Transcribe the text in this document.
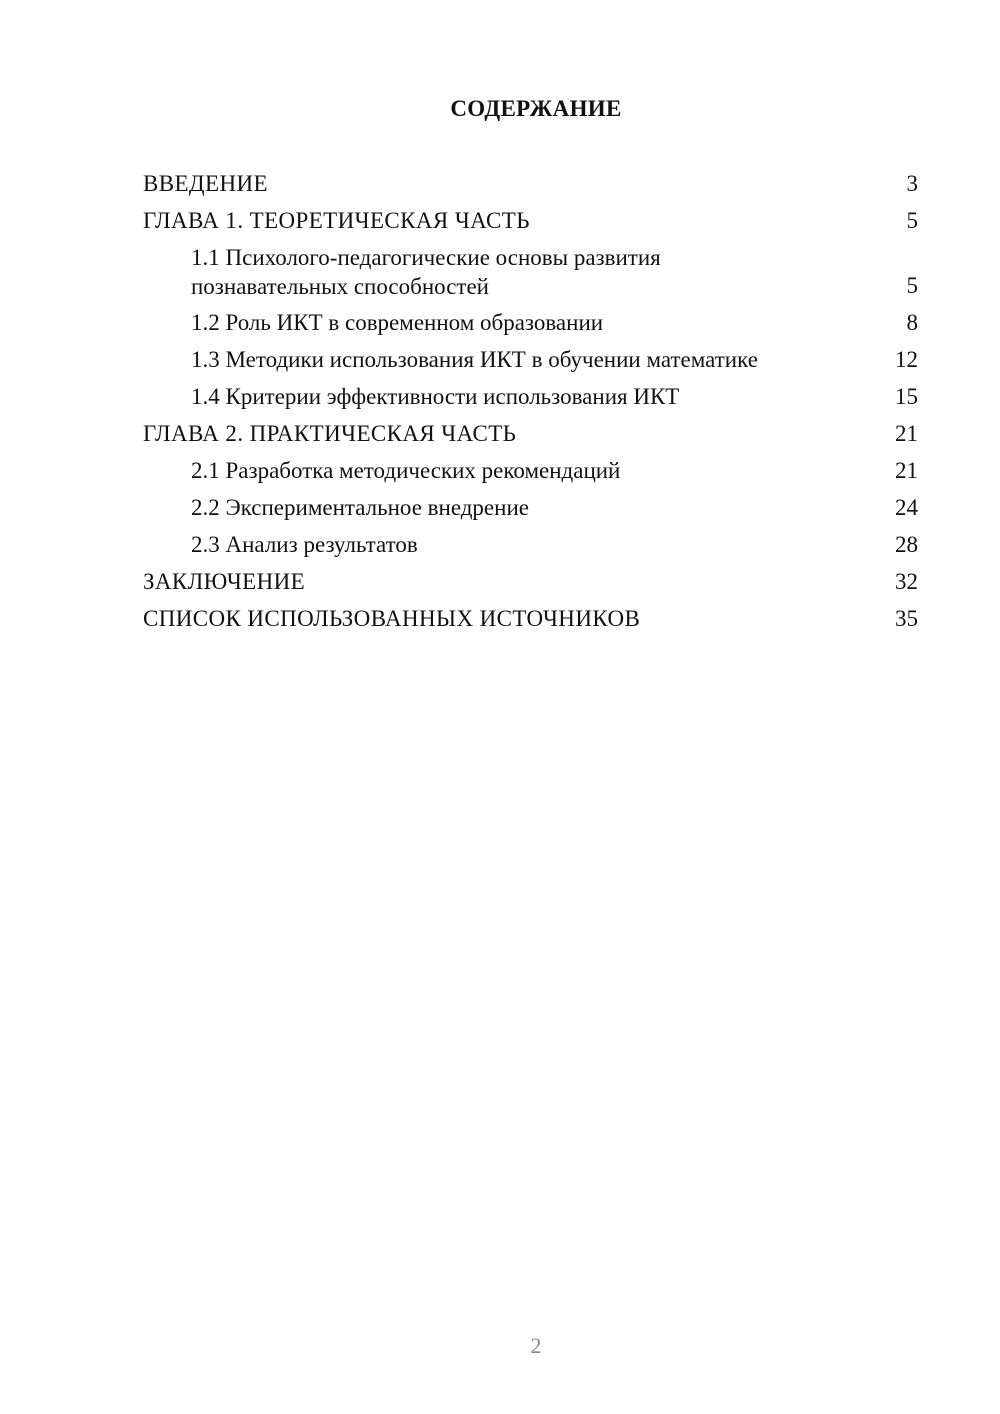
СОДЕРЖАНИЕ
ВВЕДЕНИЕ	3
ГЛАВА 1. ТЕОРЕТИЧЕСКАЯ ЧАСТЬ	5
1.1 Психолого-педагогические основы развития познавательных способностей	5
1.2 Роль ИКТ в современном образовании	8
1.3 Методики использования ИКТ в обучении математике	12
1.4 Критерии эффективности использования ИКТ	15
ГЛАВА 2. ПРАКТИЧЕСКАЯ ЧАСТЬ	21
2.1 Разработка методических рекомендаций	21
2.2 Экспериментальное внедрение	24
2.3 Анализ результатов	28
ЗАКЛЮЧЕНИЕ	32
СПИСОК ИСПОЛЬЗОВАННЫХ ИСТОЧНИКОВ	35
2
